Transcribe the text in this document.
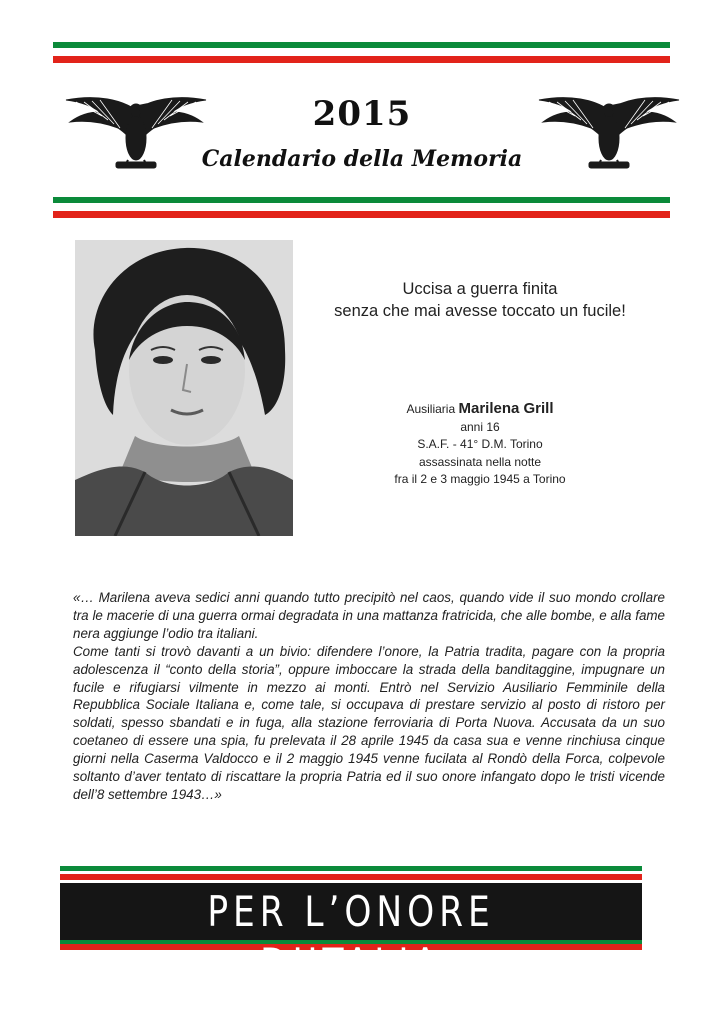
2015
Calendario della Memoria
Uccisa a guerra finita
senza che mai avesse toccato un fucile!
Ausiliaria Marilena Grill
anni 16
S.A.F. - 41° D.M. Torino
assassinata nella notte
fra il 2 e 3 maggio 1945 a Torino

«… Marilena aveva sedici anni quando tutto precipitò nel caos, quando vide il suo mondo crollare tra le macerie di una guerra ormai degradata in una mattanza fratricida, che alle bombe, e alla fame nera aggiunge l’odio tra italiani.

Come tanti si trovò davanti a un bivio: difendere l’onore, la Patria tradita, pagare con la propria adolescenza il “conto della storia”, oppure imboccare la strada della banditaggine, impugnare un fucile e rifugiarsi vilmente in mezzo ai monti. Entrò nel Servizio Ausiliario Femminile della Repubblica Sociale Italiana e, come tale, si occupava di prestare servizio al posto di ristoro per soldati, spesso sbandati e in fuga, alla stazione ferroviaria di Porta Nuova. Accusata da un suo coetaneo di essere una spia, fu prelevata il 28 aprile 1945 da casa sua e venne rinchiusa cinque giorni nella Caserma Valdocco e il 2 maggio 1945 venne fucilata al Rondò della Forca, colpevole soltanto d’aver tentato di riscattare la propria Patria ed il suo onore infangato dopo le tristi vicende dell’8 settembre 1943…»

PER L’ONORE D’ITALIA
